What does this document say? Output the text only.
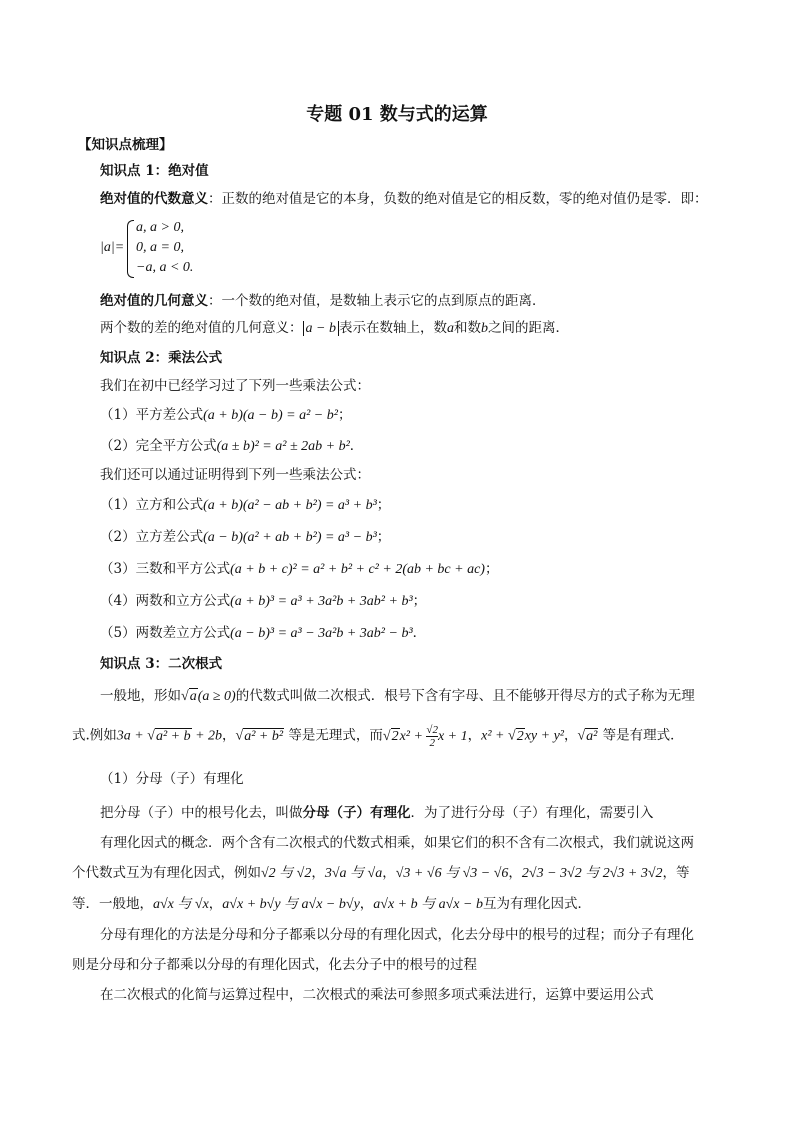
专题 01 数与式的运算
【知识点梳理】
知识点 1：绝对值
绝对值的代数意义：正数的绝对值是它的本身，负数的绝对值是它的相反数，零的绝对值仍是零．即：
|a|=
a, a > 0,
0, a = 0,
−a, a < 0.
绝对值的几何意义：一个数的绝对值，是数轴上表示它的点到原点的距离．
两个数的差的绝对值的几何意义： a − b 表示在数轴上，数a和数b之间的距离．
知识点 2：乘法公式
我们在初中已经学习过了下列一些乘法公式：
（1）平方差公式(a + b)(a − b) = a² − b²；
（2）完全平方公式(a ± b)² = a² ± 2ab + b²．
我们还可以通过证明得到下列一些乘法公式：
（1）立方和公式(a + b)(a² − ab + b²) = a³ + b³；
（2）立方差公式(a − b)(a² + ab + b²) = a³ − b³；
（3）三数和平方公式(a + b + c)² = a² + b² + c² + 2(ab + bc + ac)；
（4）两数和立方公式(a + b)³ = a³ + 3a²b + 3ab² + b³；
（5）两数差立方公式(a − b)³ = a³ − 3a²b + 3ab² − b³．
知识点 3：二次根式
一般地，形如√a(a ≥ 0)的代数式叫做二次根式．根号下含有字母、且不能够开得尽方的式子称为无理
式.例如3a + √a² + b + 2b，√a² + b² 等是无理式，而$√2x^2 + \frac{√2}{2}$ x + 1，x² + √2xy + y²，√a² 等是有理式．
（1）分母（子）有理化
把分母（子）中的根号化去，叫做分母（子）有理化．为了进行分母（子）有理化，需要引入
有理化因式的概念．两个含有二次根式的代数式相乘，如果它们的积不含有二次根式，我们就说这两
个代数式互为有理化因式，例如√2 与 √2，3√a 与 √a，√3 + √6 与 √3 − √6，2√3 − 3√2 与 2√3 + 3√2，等
等．一般地，a√x 与 √x，a√x + b√y 与 a√x − b√y，a√x + b 与 a√x − b互为有理化因式．
分母有理化的方法是分母和分子都乘以分母的有理化因式，化去分母中的根号的过程；而分子有理化
则是分母和分子都乘以分母的有理化因式，化去分子中的根号的过程
在二次根式的化简与运算过程中，二次根式的乘法可参照多项式乘法进行，运算中要运用公式
